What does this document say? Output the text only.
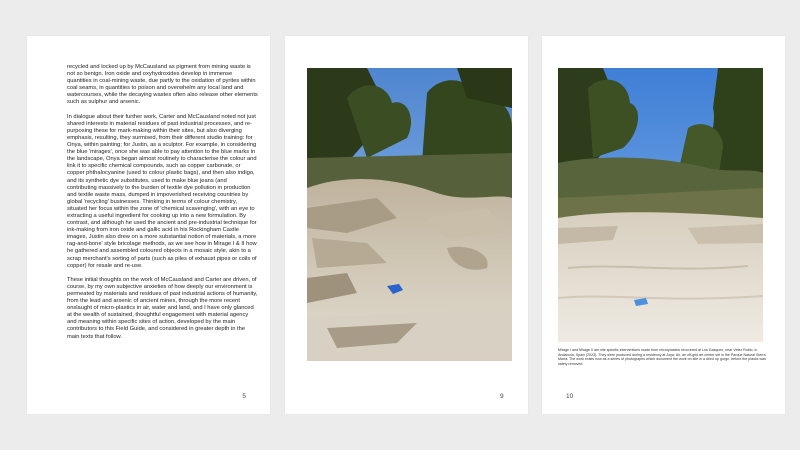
recycled and locked up by McCausland as pigment from mining waste is not so benign. Iron oxide and oxyhydroxides develop in immense quantities in coal-mining waste, due partly to the oxidation of pyrites within coal seams, in quantities to poison and overwhelm any local land and watercourses, while the decaying wastes often also release other elements such as sulphur and arsenic.

In dialogue about their further work, Carter and McCausland noted not just shared interests in material residues of past industrial processes, and re-purposing these for mark-making within their sites, but also diverging emphasis, resulting, they surmised, from their different studio training: for Onya, within painting; for Justin, as a sculptor. For example, in considering the blue 'mirages', once she was able to pay attention to the blue marks in the landscape, Onya began almost routinely to characterise the colour and link it to specific chemical compounds, such as copper carbonate, or copper phthalocyanine (used to colour plastic bags), and then also indigo, and its synthetic dye substitutes, used to make blue jeans (and contributing massively to the burden of textile dye pollution in production and textile waste mass, dumped in impoverished receiving countries by global 'recycling' businesses. Thinking in terms of colour chemistry, situated her focus within the zone of 'chemical scavenging', with an eye to extracting a useful ingredient for cooking up into a new formulation. By contrast, and although he used the ancient and pre-industrial technique for ink-making from iron oxide and gallic acid in his Rockingham Castle images, Justin also drew on a more substantial notion of materials, a more rag-and-bone' style bricolage methods, as we see how in Mirage I & II how he gathered and assembled coloured objects in a mosaic style, akin to a scrap merchant's sorting of parts (such as piles of exhaust pipes or coils of copper) for resale and re-use.

These initial thoughts on the work of McCausland and Carter are driven, of course, by my own subjective anxieties of how deeply our environment is permeated by materials and residues of past industrial actions of humanity, from the lead and arsenic of ancient mines, through the more recent onslaught of micro-plastics in air, water and land, and I have only glanced at the wealth of sustained, thoughtful engagement with material agency and meaning within specific sites of action, developed by the main contributors to this Field Guide, and considered in greater depth in the main texts that follow.

5	9
Mirage I and Mirage II are site specific interventions made from microplastics recovered at Los Gazquez, near Velez Rubio, in Andalucia, Spain (2023). They were produced during a residency at Joya: Air, an off-grid art centre set in the Parque Natural Sierra María. The work exists now as a series of photographs which document the work on site in a dried up gorge, before the plastic was safely removed.
10
